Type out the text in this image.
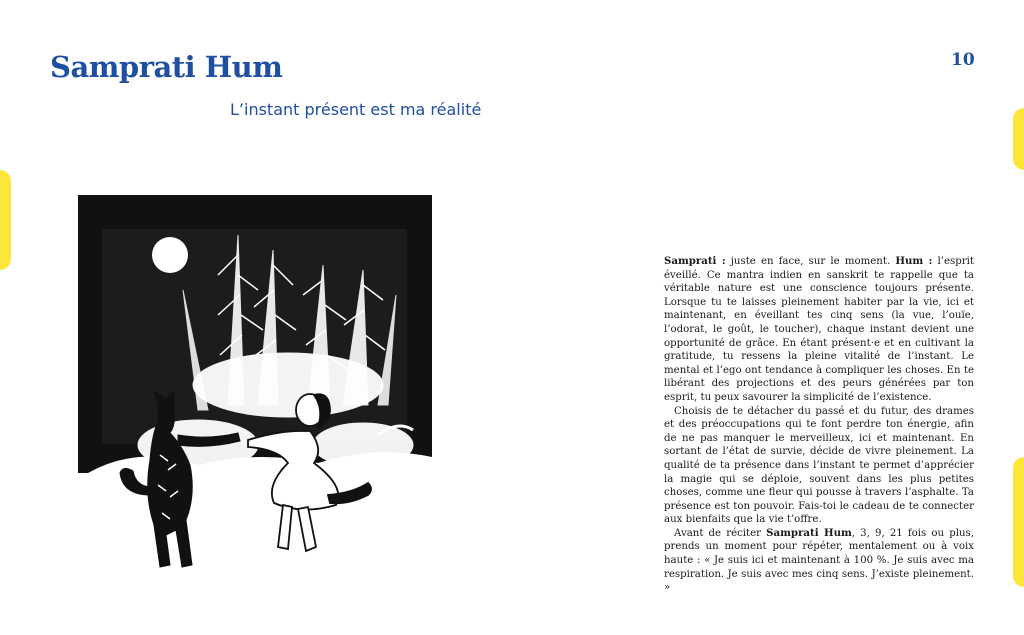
Samprati Hum

L’instant présent est ma réalité

10

Samprati : juste en face, sur le moment. Hum : l’esprit éveillé. Ce mantra indien en sanskrit te rappelle que ta véritable nature est une conscience toujours présente. Lorsque tu te laisses pleinement habiter par la vie, ici et maintenant, en éveillant tes cinq sens (la vue, l’ouïe, l’odorat, le goût, le toucher), chaque instant devient une opportunité de grâce. En étant présent·e et en cultivant la gratitude, tu ressens la pleine vitalité de l’instant. Le mental et l’ego ont tendance à compliquer les choses. En te libérant des projections et des peurs générées par ton esprit, tu peux savourer la simplicité de l’existence.

Choisis de te détacher du passé et du futur, des drames et des préoccupations qui te font perdre ton énergie, afin de ne pas manquer le merveilleux, ici et maintenant. En sortant de l’état de survie, décide de vivre pleinement. La qualité de ta présence dans l’instant te permet d’apprécier la magie qui se déploie, souvent dans les plus petites choses, comme une fleur qui pousse à travers l’asphalte. Ta présence est ton pouvoir. Fais-toi le cadeau de te connecter aux bienfaits que la vie t’offre.

Avant de réciter Samprati Hum, 3, 9, 21 fois ou plus, prends un moment pour répéter, mentalement ou à voix haute : « Je suis ici et maintenant à 100 %. Je suis avec ma respiration. Je suis avec mes cinq sens. J’existe pleinement. »
